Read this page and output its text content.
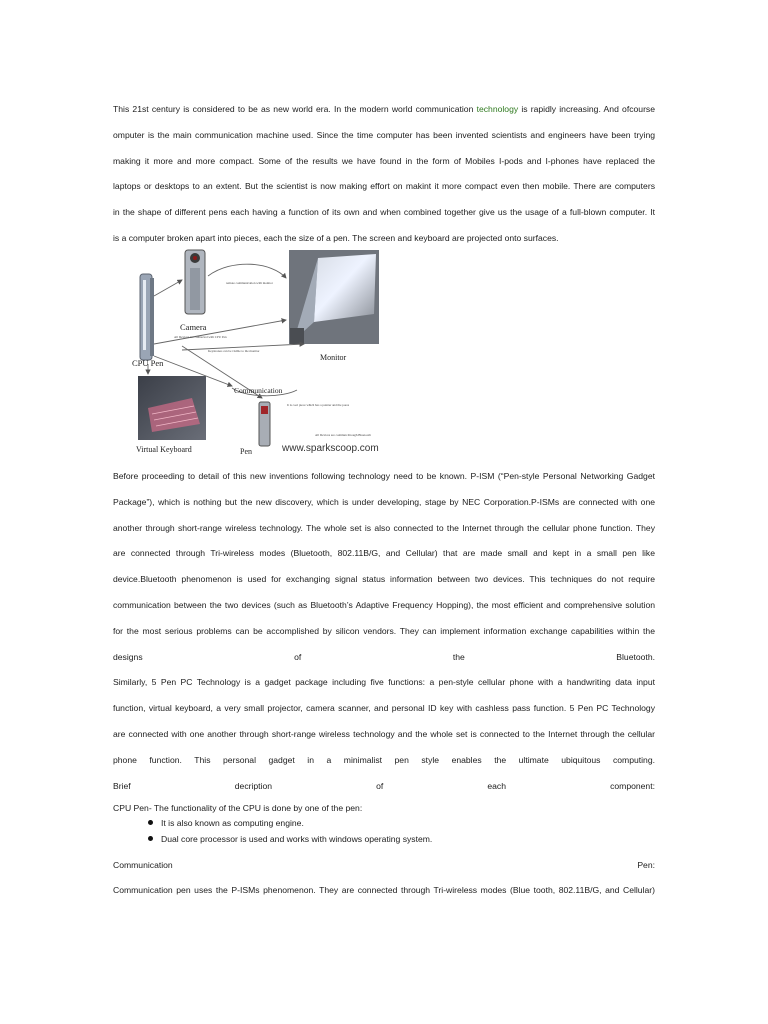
This 21st century is considered to be as new world era. In the modern world communication technology is rapidly increasing. And ofcourse
omputer is the main communication machine used. Since the time computer has been invented scientists and engineers have been trying
making it more and more compact. Some of the results we have found in the form of Mobiles I-pods and I-phones have replaced the
laptops or desktops to an extent. But the scientist is now making effort on makint it more compact even then mobile. There are computers
in the shape of different pens each having a function of its own and when combined together give us the usage of a full-blown computer. It
is a computer broken apart into pieces, each the size of a pen. The screen and keyboard are projected onto surfaces.
Camera
CPU Pen
Monitor
Communication
Virtual Keyboard	Pen	www.sparkscoop.com
remote communication with monitor
All Devices are connected with CPU Pen
Keystrokes can be visible to the monitor
It is cool piece which has a pointer and the pores
All Devices are commun through Bluetooth
Before proceeding to detail of this new inventions following technology need to be known. P-ISM (“Pen-style Personal Networking Gadget
Package”), which is nothing but the new discovery, which is under developing, stage by NEC Corporation.P-ISMs are connected with one
another through short-range wireless technology. The whole set is also connected to the Internet through the cellular phone function. They
are connected through Tri-wireless modes (Bluetooth, 802.11B/G, and Cellular) that are made small and kept in a small pen like
device.Bluetooth phenomenon is used for exchanging signal status information between two devices. This techniques do not require
communication between the two devices (such as Bluetooth’s Adaptive Frequency Hopping), the most efficient and comprehensive solution
for the most serious problems can be accomplished by silicon vendors. They can implement information exchange capabilities within the
designs of the Bluetooth.
Similarly, 5 Pen PC Technology is a gadget package including five functions: a pen-style cellular phone with a handwriting data input
function, virtual keyboard, a very small projector, camera scanner, and personal ID key with cashless pass function. 5 Pen PC Technology
are connected with one another through short-range wireless technology and the whole set is connected to the Internet through the cellular
phone function. This personal gadget in a minimalist pen style enables the ultimate ubiquitous computing.
Brief decription of each component:
CPU Pen- The functionality of the CPU is done by one of the pen:
It is also known as computing engine.
Dual core processor is used and works with windows operating system.
Communication	Pen:
Communication pen uses the P-ISMs phenomenon. They are connected through Tri-wireless modes (Blue tooth, 802.11B/G, and Cellular)
